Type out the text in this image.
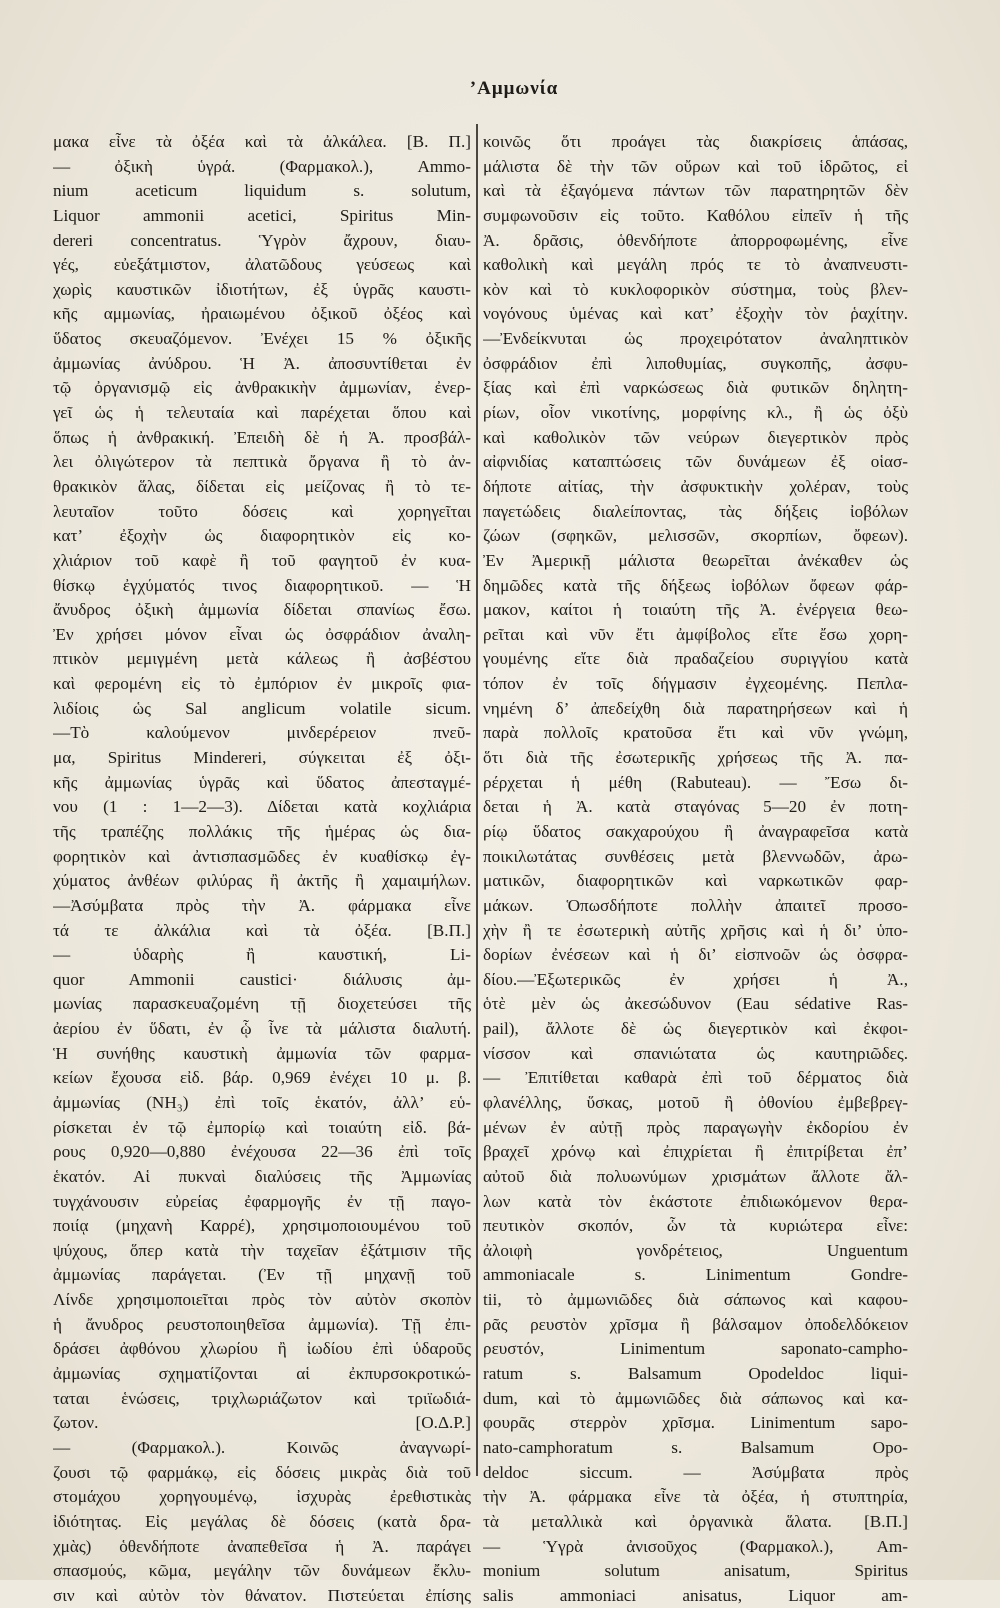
’Αμμωνία
μακα εἶνε τὰ ὀξέα καὶ τὰ ἀλκάλεα. [Β. Π.]
— ὀξικὴ ὑγρά. (Φαρμακολ.), Ammo-
nium aceticum liquidum s. solutum,
Liquor ammonii acetici, Spiritus Min-
dereri concentratus. Ὑγρὸν ἄχρουν, διαυ-
γές, εὐεξάτμιστον, ἀλατῶδους γεύσεως καὶ
χωρὶς καυστικῶν ἰδιοτήτων, ἐξ ὑγρᾶς καυστι-
κῆς αμμωνίας, ἠραιωμένου ὀξικοῦ ὀξέος καὶ
ὕδατος σκευαζόμενον. Ἐνέχει 15 % ὀξικῆς
ἀμμωνίας ἀνύδρου. Ἡ Ἀ. ἀποσυντίθεται ἐν
τῷ ὀργανισμῷ εἰς ἀνθρακικὴν ἀμμωνίαν, ἐνερ-
γεῖ ὡς ἡ τελευταία καὶ παρέχεται ὅπου καὶ
ὅπως ἡ ἀνθρακική. Ἐπειδὴ δὲ ἡ Ἀ. προσβάλ-
λει ὀλιγώτερον τὰ πεπτικὰ ὄργανα ἢ τὸ ἀν-
θρακικὸν ἅλας, δίδεται εἰς μείζονας ἢ τὸ τε-
λευταῖον τοῦτο δόσεις καὶ χορηγεῖται
κατ’ ἐξοχὴν ὡς διαφορητικὸν εἰς κο-
χλιάριον τοῦ καφὲ ἢ τοῦ φαγητοῦ ἐν κυα-
θίσκῳ ἐγχύματός τινος διαφορητικοῦ. — Ἡ
ἄνυδρος ὀξικὴ ἀμμωνία δίδεται σπανίως ἔσω.
Ἐν χρήσει μόνον εἶναι ὡς ὀσφράδιον ἀναλη-
πτικὸν μεμιγμένη μετὰ κάλεως ἢ ἀσβέστου
καὶ φερομένη εἰς τὸ ἐμπόριον ἐν μικροῖς φια-
λιδίοις ὡς Sal anglicum volatile sicum.
—Τὸ καλούμενον μινδερέρειον πνεῦ-
μα, Spiritus Mindereri, σύγκειται ἐξ ὀξι-
κῆς ἀμμωνίας ὑγρᾶς καὶ ὕδατος ἀπεσταγμέ-
νου (1 : 1—2—3). Δίδεται κατὰ κοχλιάρια
τῆς τραπέζης πολλάκις τῆς ἡμέρας ὡς δια-
φορητικὸν καὶ ἀντισπασμῶδες ἐν κυαθίσκῳ ἐγ-
χύματος ἀνθέων φιλύρας ἢ ἀκτῆς ἢ χαμαιμήλων.
—Ἀσύμβατα πρὸς τὴν Ἀ. φάρμακα εἶνε
τά τε ἀλκάλια καὶ τὰ ὀξέα. [Β.Π.]
— ὑδαρὴς ἢ καυστική, Li-
quor Ammonii caustici· διάλυσις ἀμ-
μωνίας παρασκευαζομένη τῇ διοχετεύσει τῆς
ἀερίου ἐν ὕδατι, ἐν ᾧ ἶνε τὰ μάλιστα διαλυτή.
Ἡ συνήθης καυστικὴ ἀμμωνία τῶν φαρμα-
κείων ἔχουσα εἰδ. βάρ. 0,969 ἐνέχει 10 μ. β.
ἀμμωνίας (NH₃) ἐπὶ τοῖς ἑκατόν, ἀλλ’ εὑ-
ρίσκεται ἐν τῷ ἐμπορίῳ καὶ τοιαύτη εἰδ. βά-
ρους 0,920—0,880 ἐνέχουσα 22—36 ἐπὶ τοῖς
ἑκατόν. Αἱ πυκναὶ διαλύσεις τῆς Ἀμμωνίας
τυγχάνουσιν εὐρείας ἐφαρμογῆς ἐν τῇ παγο-
ποιίᾳ (μηχανὴ Καρρέ), χρησιμοποιουμένου τοῦ
ψύχους, ὅπερ κατὰ τὴν ταχεῖαν ἐξάτμισιν τῆς
ἀμμωνίας παράγεται. (Ἐν τῇ μηχανῇ τοῦ
Λίνδε χρησιμοποιεῖται πρὸς τὸν αὐτὸν σκοπὸν
ἡ ἄνυδρος ρευστοποιηθεῖσα ἀμμωνία). Τῇ ἐπι-
δράσει ἀφθόνου χλωρίου ἢ ἰωδίου ἐπὶ ὑδαροῦς
ἀμμωνίας σχηματίζονται αἱ ἐκπυρσοκροτικώ-
ταται ἑνώσεις, τριχλωριάζωτον καὶ τριϊωδιά-
ζωτον. [Ο.Δ.Ρ.]
— (Φαρμακολ.). Κοινῶς ἀναγνωρί-
ζουσι τῷ φαρμάκῳ, εἰς δόσεις μικρὰς διὰ τοῦ
στομάχου χορηγουμένῳ, ἰσχυρὰς ἐρεθιστικὰς
ἰδιότητας. Εἰς μεγάλας δὲ δόσεις (κατὰ δρα-
χμὰς) ὁθενδήποτε ἀναπεθεῖσα ἡ Ἀ. παράγει
σπασμούς, κῶμα, μεγάλην τῶν δυνάμεων ἔκλυ-
σιν καὶ αὐτὸν τὸν θάνατον. Πιστεύεται ἐπίσης
κοινῶς ὅτι προάγει τὰς διακρίσεις ἁπάσας,
μάλιστα δὲ τὴν τῶν οὔρων καὶ τοῦ ἱδρῶτος, εἰ
καὶ τὰ ἐξαγόμενα πάντων τῶν παρατηρητῶν δὲν
συμφωνοῦσιν εἰς τοῦτο. Καθόλου εἰπεῖν ἡ τῆς
Ἀ. δρᾶσις, ὁθενδήποτε ἀπορροφωμένης, εἶνε
καθολικὴ καὶ μεγάλη πρός τε τὸ ἀναπνευστι-
κὸν καὶ τὸ κυκλοφορικὸν σύστημα, τοὺς βλεν-
νογόνους ὑμένας καὶ κατ’ ἐξοχὴν τὸν ῥαχίτην.
—Ἐνδείκνυται ὡς προχειρότατον ἀναληπτικὸν
ὀσφράδιον ἐπὶ λιποθυμίας, συγκοπῆς, ἀσφυ-
ξίας καὶ ἐπὶ ναρκώσεως διὰ φυτικῶν δηλητη-
ρίων, οἷον νικοτίνης, μορφίνης κλ., ἢ ὡς ὀξὺ
καὶ καθολικὸν τῶν νεύρων διεγερτικὸν πρὸς
αἰφνιδίας καταπτώσεις τῶν δυνάμεων ἐξ οἱασ-
δήποτε αἰτίας, τὴν ἀσφυκτικὴν χολέραν, τοὺς
παγετώδεις διαλείποντας, τὰς δήξεις ἰοβόλων
ζώων (σφηκῶν, μελισσῶν, σκορπίων, ὄφεων).
Ἐν Ἀμερικῇ μάλιστα θεωρεῖται ἀνέκαθεν ὡς
δημῶδες κατὰ τῆς δήξεως ἰοβόλων ὄφεων φάρ-
μακον, καίτοι ἡ τοιαύτη τῆς Ἀ. ἐνέργεια θεω-
ρεῖται καὶ νῦν ἔτι ἀμφίβολος εἴτε ἔσω χορη-
γουμένης εἴτε διὰ πραδαζείου συριγγίου κατὰ
τόπον ἐν τοῖς δήγμασιν ἐγχεομένης. Πεπλα-
νημένη δ’ ἀπεδείχθη διὰ παρατηρήσεων καὶ ἡ
παρὰ πολλοῖς κρατοῦσα ἔτι καὶ νῦν γνώμη,
ὅτι διὰ τῆς ἐσωτερικῆς χρήσεως τῆς Ἀ. πα-
ρέρχεται ἡ μέθη (Rabuteau). — Ἔσω δι-
δεται ἡ Ἀ. κατὰ σταγόνας 5—20 ἐν ποτη-
ρίῳ ὕδατος σακχαρούχου ἢ ἀναγραφεῖσα κατὰ
ποικιλωτάτας συνθέσεις μετὰ βλεννωδῶν, ἀρω-
ματικῶν, διαφορητικῶν καὶ ναρκωτικῶν φαρ-
μάκων. Ὁπωσδήποτε πολλὴν ἀπαιτεῖ προσο-
χὴν ἢ τε ἐσωτερικὴ αὐτῆς χρῆσις καὶ ἡ δι’ ὑπο-
δορίων ἐνέσεων καὶ ἡ δι’ εἰσπνοῶν ὡς ὀσφρα-
δίου.—Ἐξωτερικῶς ἐν χρήσει ἡ Ἀ.,
ὁτὲ μὲν ὡς ἀκεσώδυνον (Eau sédative Ras-
pail), ἄλλοτε δὲ ὡς διεγερτικὸν καὶ ἐκφοι-
νίσσον καὶ σπανιώτατα ὡς καυτηριῶδες.
— Ἐπιτίθεται καθαρὰ ἐπὶ τοῦ δέρματος διὰ
φλανέλλης, ὕσκας, μοτοῦ ἢ ὀθονίου ἐμβεβρεγ-
μένων ἐν αὐτῇ πρὸς παραγωγὴν ἐκδορίου ἐν
βραχεῖ χρόνῳ καὶ ἐπιχρίεται ἢ ἐπιτρίβεται ἐπ’
αὐτοῦ διὰ πολυωνύμων χρισμάτων ἄλλοτε ἄλ-
λων κατὰ τὸν ἑκάστοτε ἐπιδιωκόμενον θερα-
πευτικὸν σκοπόν, ὧν τὰ κυριώτερα εἶνε:
ἀλοιφὴ γονδρέτειος, Unguentum
ammoniacale s. Linimentum Gondre-
tii, τὸ ἀμμωνιῶδες διὰ σάπωνος καὶ καφου-
ρᾶς ρευστὸν χρῖσμα ἢ βάλσαμον ὀποδελδόκειον
ρευστόν, Linimentum saponato-campho-
ratum s. Balsamum Opodeldoc liqui-
dum, καὶ τὸ ἀμμωνιῶδες διὰ σάπωνος καὶ κα-
φουρᾶς στερρὸν χρῖσμα. Linimentum sapo-
nato-camphoratum s. Balsamum Opo-
deldoc siccum. — Ἀσύμβατα πρὸς
τὴν Ἀ. φάρμακα εἶνε τὰ ὀξέα, ἡ στυπτηρία,
τὰ μεταλλικὰ καὶ ὀργανικὰ ἅλατα. [Β.Π.]
— Ὑγρὰ ἀνισοῦχος (Φαρμακολ.), Am-
monium solutum anisatum, Spiritus
salis ammoniaci anisatus, Liquor am-
